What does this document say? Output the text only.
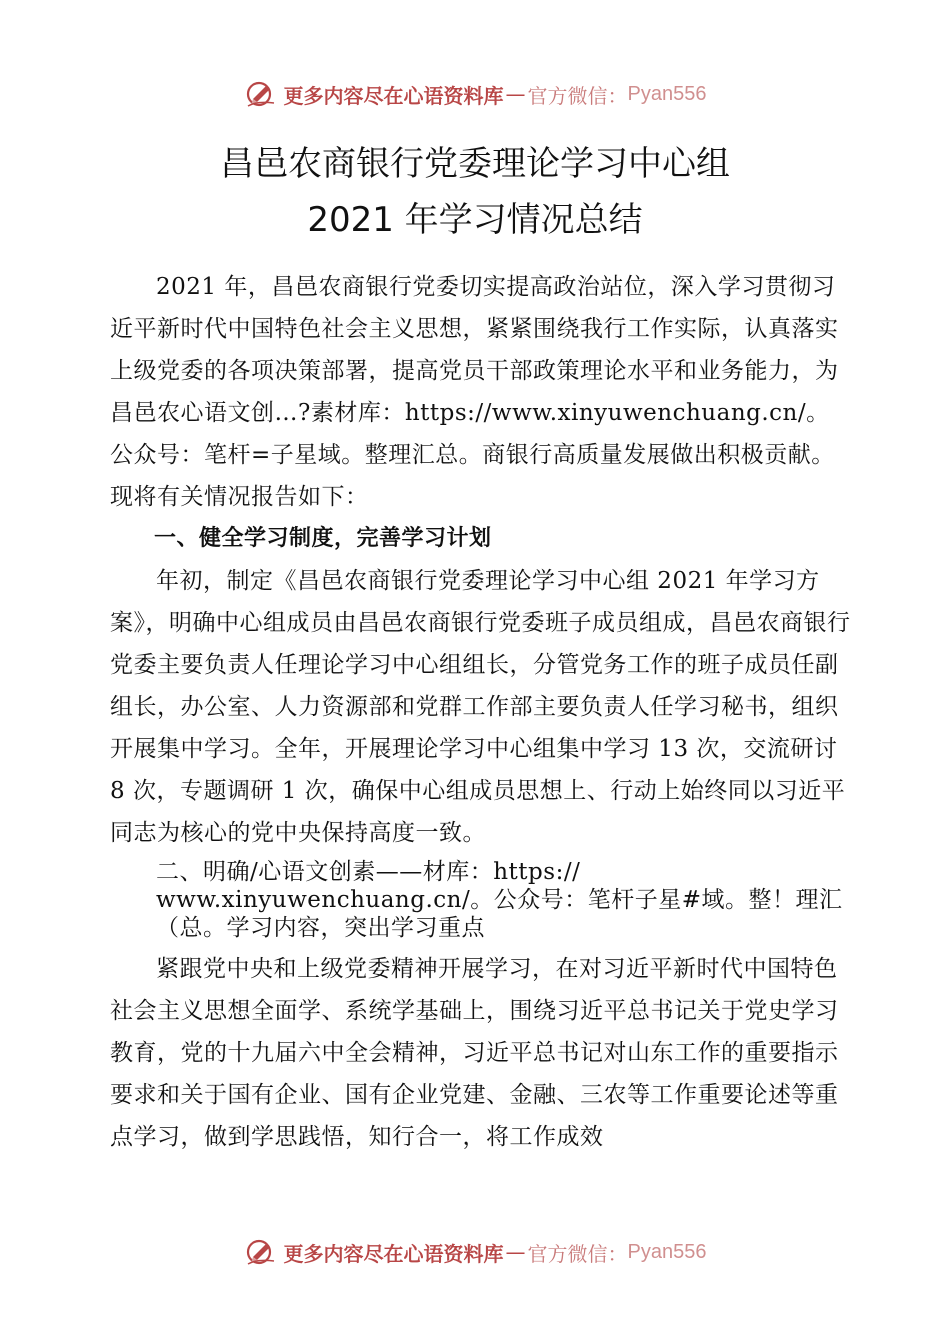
更多内容尽在心语资料库 — 官方微信： Pyan556
昌邑农商银行党委理论学习中心组
2021 年学习情况总结

2021 年，昌邑农商银行党委切实提高政治站位，深入学习贯彻习近平新时代中国特色社会主义思想，紧紧围绕我行工作实际，认真落实上级党委的各项决策部署，提高党员干部政策理论水平和业务能力，为昌邑农心语文创…?素材库：https://www.xinyuwenchuang.cn/。公众号：笔杆=子星域。整理汇总。商银行高质量发展做出积极贡献。现将有关情况报告如下：

一、健全学习制度，完善学习计划

年初，制定《昌邑农商银行党委理论学习中心组 2021 年学习方案》，明确中心组成员由昌邑农商银行党委班子成员组成，昌邑农商银行党委主要负责人任理论学习中心组组长，分管党务工作的班子成员任副组长，办公室、人力资源部和党群工作部主要负责人任学习秘书，组织开展集中学习。全年，开展理论学习中心组集中学习 13 次，交流研讨 8 次，专题调研 1 次，确保中心组成员思想上、行动上始终同以习近平同志为核心的党中央保持高度一致。

二、明确/心语文创素——材库：https://
www.xinyuwenchuang.cn/。公众号：笔杆子星#域。整！理汇
（总。学习内容，突出学习重点

紧跟党中央和上级党委精神开展学习，在对习近平新时代中国特色社会主义思想全面学、系统学基础上，围绕习近平总书记关于党史学习教育，党的十九届六中全会精神，习近平总书记对山东工作的重要指示要求和关于国有企业、国有企业党建、金融、三农等工作重要论述等重点学习，做到学思践悟，知行合一，将工作成效

更多内容尽在心语资料库 — 官方微信： Pyan556
